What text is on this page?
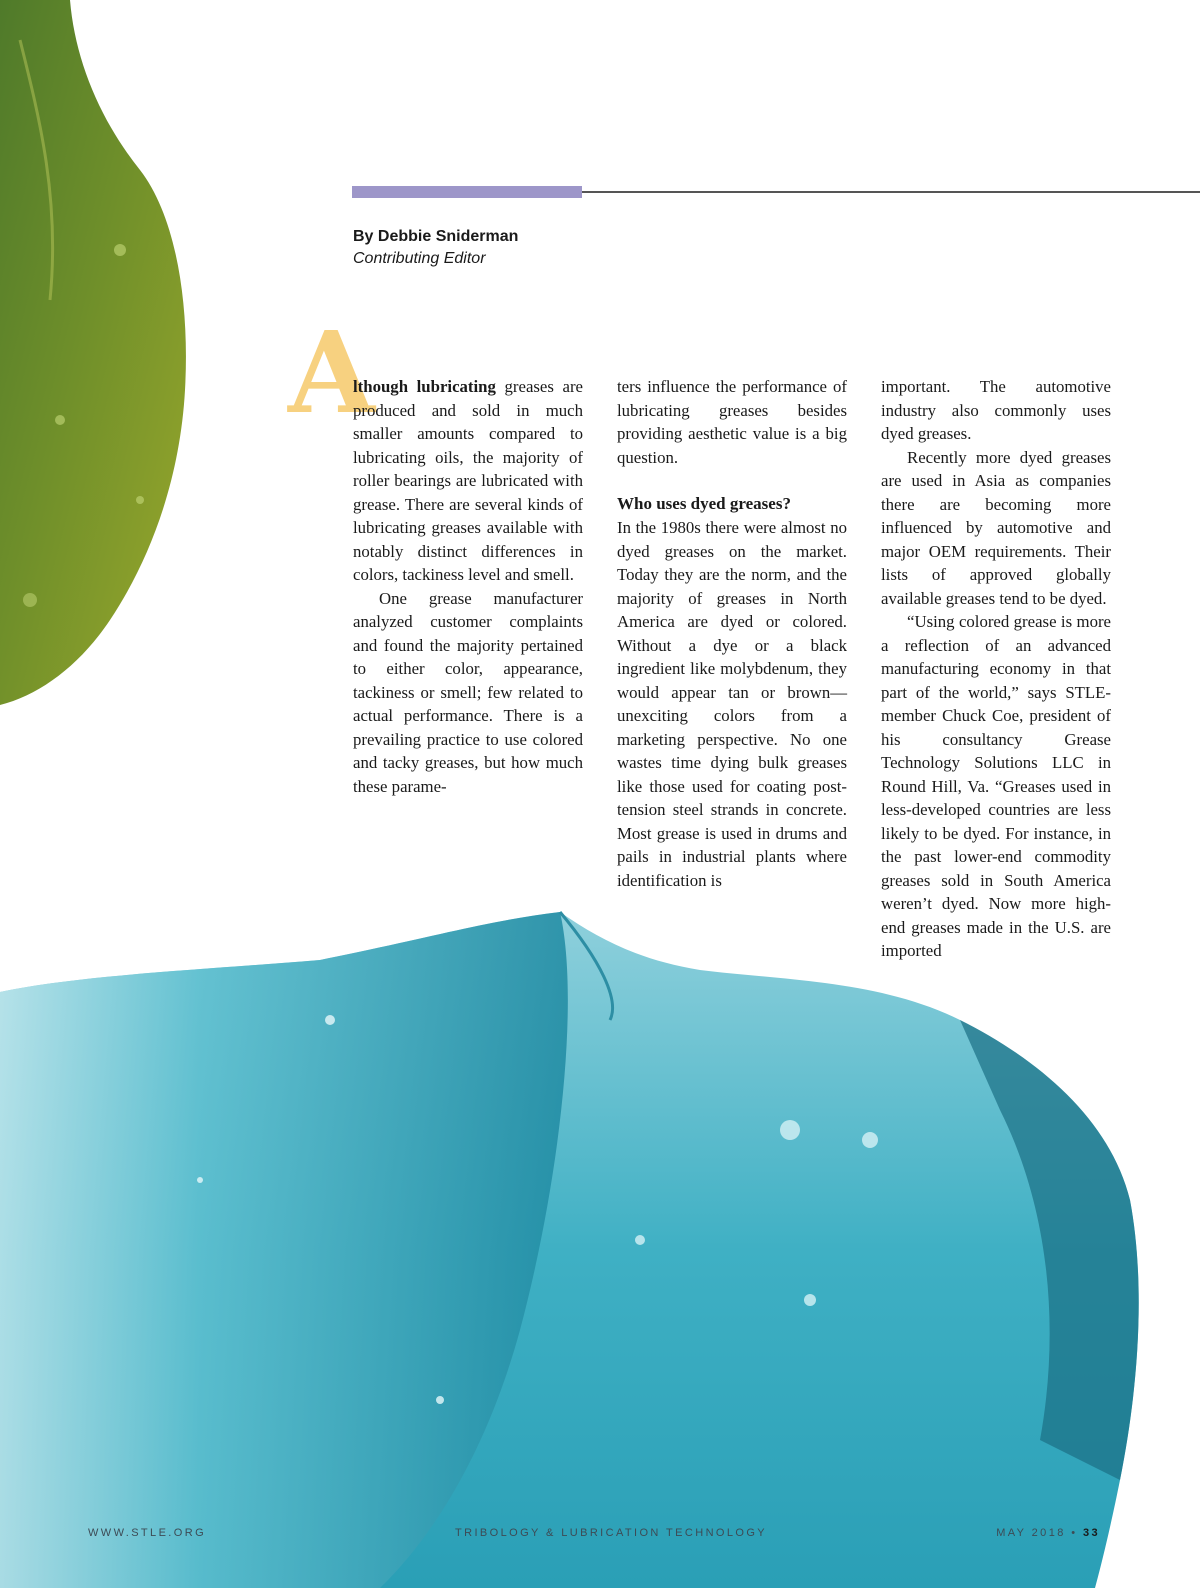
By Debbie Sniderman
Contributing Editor
A

lthough lubricating greases are produced and sold in much smaller amounts compared to lubricating oils, the majority of roller bearings are lubricated with grease. There are several kinds of lubricating greases available with notably distinct differences in colors, tackiness level and smell.

One grease manufacturer analyzed customer complaints and found the majority pertained to either color, appearance, tackiness or smell; few related to actual performance. There is a prevailing practice to use colored and tacky greases, but how much these parame-

ters influence the performance of lubricating greases besides providing aesthetic value is a big question.

Who uses dyed greases?

In the 1980s there were almost no dyed greases on the market. Today they are the norm, and the majority of greases in North America are dyed or colored. Without a dye or a black ingredient like molybdenum, they would appear tan or brown—unexciting colors from a marketing perspective. No one wastes time dying bulk greases like those used for coating post-tension steel strands in concrete. Most grease is used in drums and pails in industrial plants where identification is

important. The automotive industry also commonly uses dyed greases.

Recently more dyed greases are used in Asia as companies there are becoming more influenced by automotive and major OEM requirements. Their lists of approved globally available greases tend to be dyed.

“Using colored grease is more a reflection of an advanced manufacturing economy in that part of the world,” says STLE-member Chuck Coe, president of his consultancy Grease Technology Solutions LLC in Round Hill, Va. “Greases used in less-developed countries are less likely to be dyed. For instance, in the past lower-end commodity greases sold in South America weren’t dyed. Now more high-end greases made in the U.S. are imported

WWW.STLE.ORG	TRIBOLOGY & LUBRICATION TECHNOLOGY	MAY 2018 • 33
